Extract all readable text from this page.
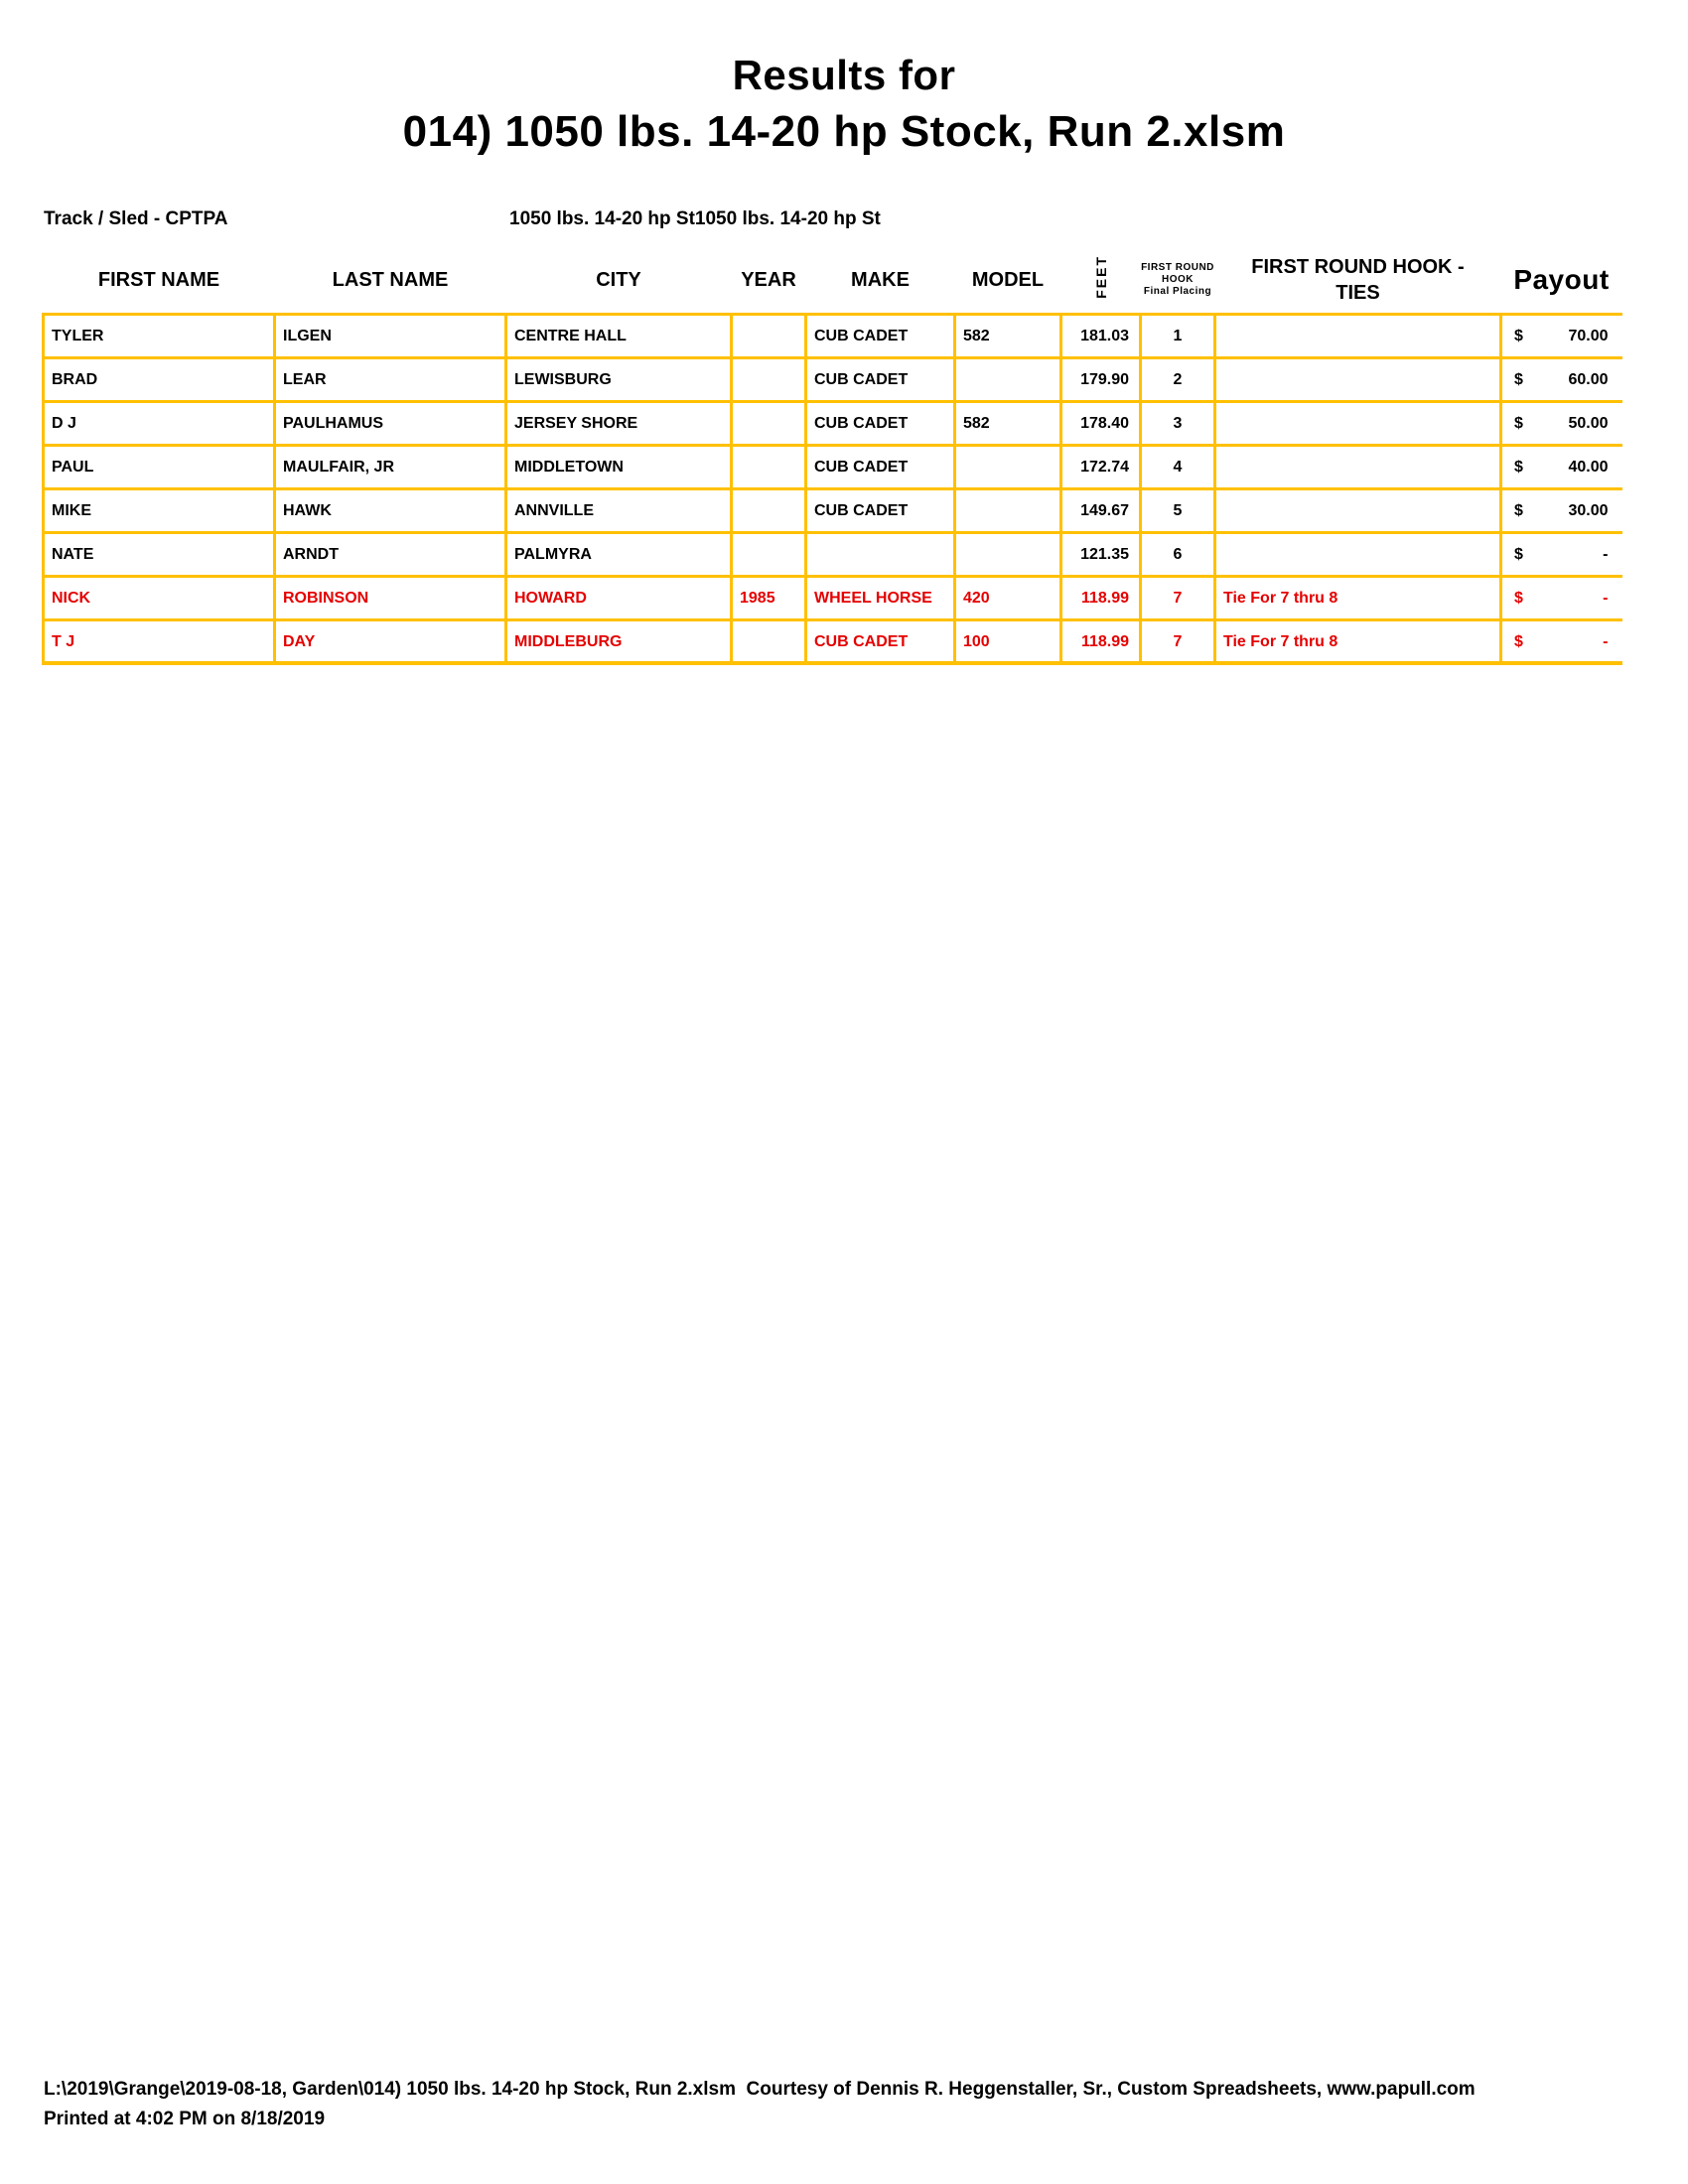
Results for
014) 1050 lbs. 14-20 hp Stock, Run 2.xlsm
Track / Sled - CPTPA	1050 lbs. 14-20 hp St1050 lbs. 14-20 hp St
FIRST NAME	LAST NAME	CITY	YEAR	MAKE	MODEL	FEET	FIRST ROUND
HOOK
Final Placing	FIRST ROUND HOOK -
TIES	Payout
TYLER	ILGEN	CENTRE HALL		CUB CADET	582	181.03	1		$ 70.00

BRAD	LEAR	LEWISBURG		CUB CADET		179.90	2		$ 60.00

D J	PAULHAMUS	JERSEY SHORE		CUB CADET	582	178.40	3		$ 50.00

PAUL	MAULFAIR, JR	MIDDLETOWN		CUB CADET		172.74	4		$ 40.00

MIKE	HAWK	ANNVILLE		CUB CADET		149.67	5		$ 30.00

NATE	ARNDT	PALMYRA				121.35	6		$ -

NICK	ROBINSON	HOWARD	1985	WHEEL HORSE	420	118.99	7	Tie For 7 thru 8	$ -

T J	DAY	MIDDLEBURG		CUB CADET	100	118.99	7	Tie For 7 thru 8	$ -
L:\2019\Grange\2019-08-18, Garden\014) 1050 lbs. 14-20 hp Stock, Run 2.xlsm  Courtesy of Dennis R. Heggenstaller, Sr., Custom Spreadsheets, www.papull.com
Printed at 4:02 PM on 8/18/2019
